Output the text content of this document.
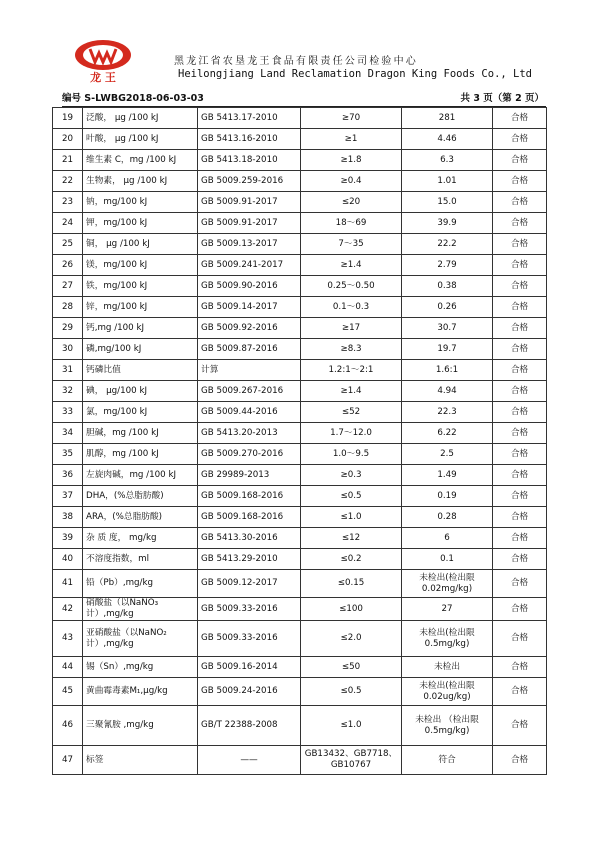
龙 王
黑龙江省农垦龙王食品有限责任公司检验中心
Heilongjiang Land Reclamation Dragon King Foods Co., Ltd
编号 S-LWBG2018-06-03-03	共 3 页（第 2 页）
19	泛酸， μg /100 kJ	GB 5413.17-2010	≥70	281	合格
20	叶酸， μg /100 kJ	GB 5413.16-2010	≥1	4.46	合格
21	维生素 C，mg /100 kJ	GB 5413.18-2010	≥1.8	6.3	合格
22	生物素， μg /100 kJ	GB 5009.259-2016	≥0.4	1.01	合格
23	钠，mg/100 kJ	GB 5009.91-2017	≤20	15.0	合格
24	钾，mg/100 kJ	GB 5009.91-2017	18～69	39.9	合格
25	铜， μg /100 kJ	GB 5009.13-2017	7～35	22.2	合格
26	镁，mg/100 kJ	GB 5009.241-2017	≥1.4	2.79	合格
27	铁，mg/100 kJ	GB 5009.90-2016	0.25～0.50	0.38	合格
28	锌，mg/100 kJ	GB 5009.14-2017	0.1～0.3	0.26	合格
29	钙,mg /100 kJ	GB 5009.92-2016	≥17	30.7	合格
30	磷,mg/100 kJ	GB 5009.87-2016	≥8.3	19.7	合格
31	钙磷比值	计算	1.2:1～2:1	1.6:1	合格
32	碘， μg/100 kJ	GB 5009.267-2016	≥1.4	4.94	合格
33	氯，mg/100 kJ	GB 5009.44-2016	≤52	22.3	合格
34	胆碱，mg /100 kJ	GB 5413.20-2013	1.7～12.0	6.22	合格
35	肌醇，mg /100 kJ	GB 5009.270-2016	1.0～9.5	2.5	合格
36	左旋肉碱，mg /100 kJ	GB 29989-2013	≥0.3	1.49	合格
37	DHA，(%总脂肪酸)	GB 5009.168-2016	≤0.5	0.19	合格
38	ARA，(%总脂肪酸)	GB 5009.168-2016	≤1.0	0.28	合格
39	杂 质 度， mg/kg	GB 5413.30-2016	≤12	6	合格
40	不溶度指数，ml	GB 5413.29-2010	≤0.2	0.1	合格
41	铅（Pb）,mg/kg	GB 5009.12-2017	≤0.15	未检出(检出限 0.02mg/kg)	合格
42	硝酸盐（以NaNO₃计）,mg/kg	GB 5009.33-2016	≤100	27	合格
43	亚硝酸盐（以NaNO₂计）,mg/kg	GB 5009.33-2016	≤2.0	未检出(检出限 0.5mg/kg)	合格
44	锡（Sn）,mg/kg	GB 5009.16-2014	≤50	未检出	合格
45	黄曲霉毒素M₁,μg/kg	GB 5009.24-2016	≤0.5	未检出(检出限 0.02ug/kg)	合格
46	三聚氰胺 ,mg/kg	GB/T 22388-2008	≤1.0	未检出 （检出限 0.5mg/kg)	合格
47	标签	——	GB13432、GB7718、GB10767	符合	合格
